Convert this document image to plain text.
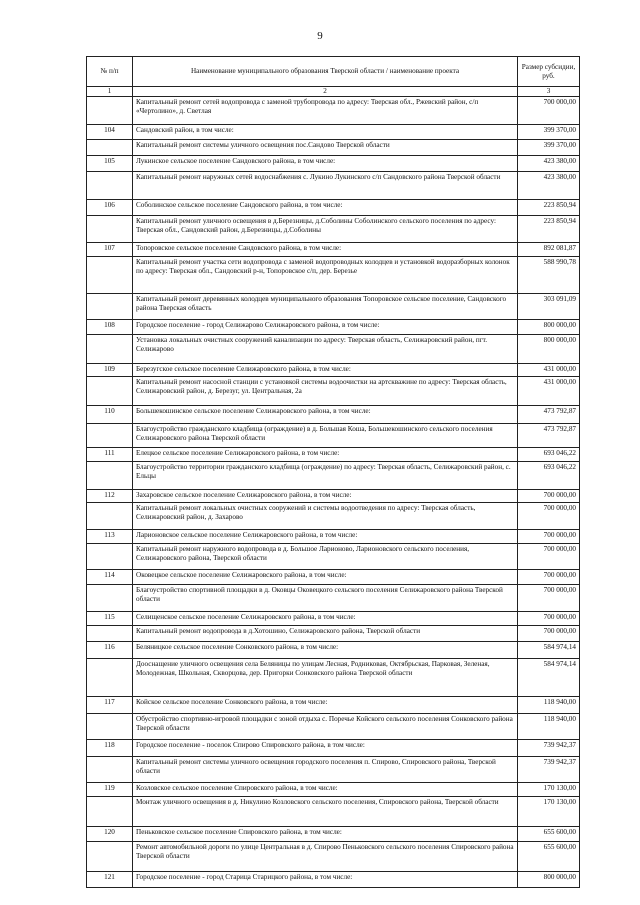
9
№ п/п	Наименование муниципального образования Тверской области / наименование проекта	Размер субсидии, руб.
1	2	3
	Капитальный ремонт сетей водопровода с заменой трубопровода по адресу: Тверская обл., Ржевский район, с/п «Чертолино», д. Светлая	700 000,00
104	Сандовский район, в том числе:	399 370,00
	Капитальный ремонт системы уличного освещения пос.Сандово Тверской области	399 370,00
105	Лукинское сельское поселение Сандовского района, в том числе:	423 380,00
	Капитальный ремонт наружных сетей водоснабжения с. Лукино Лукинского с/п Сандовского района Тверской области	423 380,00
106	Соболинское сельское поселение Сандовского района, в том числе:	223 850,94
	Капитальный ремонт уличного освещения в д.Березницы, д.Соболины Соболинского сельского поселения по адресу: Тверская обл., Сандовский район, д.Березницы, д.Соболины	223 850,94
107	Топоровское сельское поселение Сандовского района, в том числе:	892 081,87
	Капитальный ремонт участка сети водопровода с заменой водопроводных колодцев и установкой водоразборных колонок по адресу: Тверская обл., Сандовский р-н, Топоровское с/п, дер. Березье	588 990,78
	Капитальный ремонт деревянных колодцев муниципального образования Топоровское сельское поселение, Сандовского района Тверская область	303 091,09
108	Городское поселение - город Селижарово Селижаровского района, в том числе:	800 000,00
	Установка локальных очистных сооружений канализации по адресу: Тверская область, Селижаровский район, пгт. Селижарово	800 000,00
109	Березугское сельское поселение Селижаровского района, в том числе:	431 000,00
	Капитальный ремонт насосной станции с установкой системы водоочистки на артскважине по адресу: Тверская область, Селижаровский район, д. Березуг, ул. Центральная, 2а	431 000,00
110	Большекошинское сельское поселение Селижаровского района, в том числе:	473 792,87
	Благоустройство гражданского кладбища (ограждение) в д. Большая Коша, Большекошинского сельского поселения Селижаровского района Тверской области	473 792,87
111	Елецкое сельское поселение Селижаровского района, в том числе:	693 046,22
	Благоустройство территории гражданского кладбища (ограждение) по адресу: Тверская область, Селижаровский район, с. Ельцы	693 046,22
112	Захаровское сельское поселение Селижаровского района, в том числе:	700 000,00
	Капитальный ремонт локальных очистных сооружений и системы водоотведения по адресу: Тверская область, Селижаровский район, д. Захарово	700 000,00
113	Ларионовское сельское поселение Селижаровского района, в том числе:	700 000,00
	Капитальный ремонт наружного водопровода в д. Большое Ларионово, Ларионовского сельского поселения, Селижаровского района, Тверской области	700 000,00
114	Оковецкое сельское поселение Селижаровского района, в том числе:	700 000,00
	Благоустройство спортивной площадки в д. Оковцы Оковецкого сельского поселения Селижаровского района Тверской области	700 000,00
115	Селищенское сельское поселение Селижаровского района, в том числе:	700 000,00
	Капитальный ремонт водопровода в д.Хотошино, Селижаровского района, Тверской области	700 000,00
116	Беляницкое сельское поселение Сонковского района, в том числе:	584 974,14
	Дооснащение уличного освещения села Беляницы по улицам Лесная, Родниковая, Октябрьская, Парковая, Зеленая, Молодежная, Школьная, Скворцова, дер. Пригорки Сонковского района Тверской области	584 974,14
117	Койское сельское поселение Сонковского района, в том числе:	118 940,00
	Обустройство спортивно-игровой площадки с зоной отдыха с. Поречье Койского сельского поселения Сонковского района Тверской области	118 940,00
118	Городское поселение - поселок Спирово Спировского района, в том числе:	739 942,37
	Капитальный ремонт системы уличного освещения городского поселения п. Спирово, Спировского района, Тверской области	739 942,37
119	Козловское сельское поселение Спировского района, в том числе:	170 130,00
	Монтаж уличного освещения в д. Никулино Козловского сельского поселения, Спировского района, Тверской области	170 130,00
120	Пеньковское сельское поселение Спировского района, в том числе:	655 600,00
	Ремонт автомобильной дороги по улице Центральная в д. Спирово Пеньковского сельского поселения Спировского района Тверской области	655 600,00
121	Городское поселение - город Старица Старицкого района, в том числе:	800 000,00
